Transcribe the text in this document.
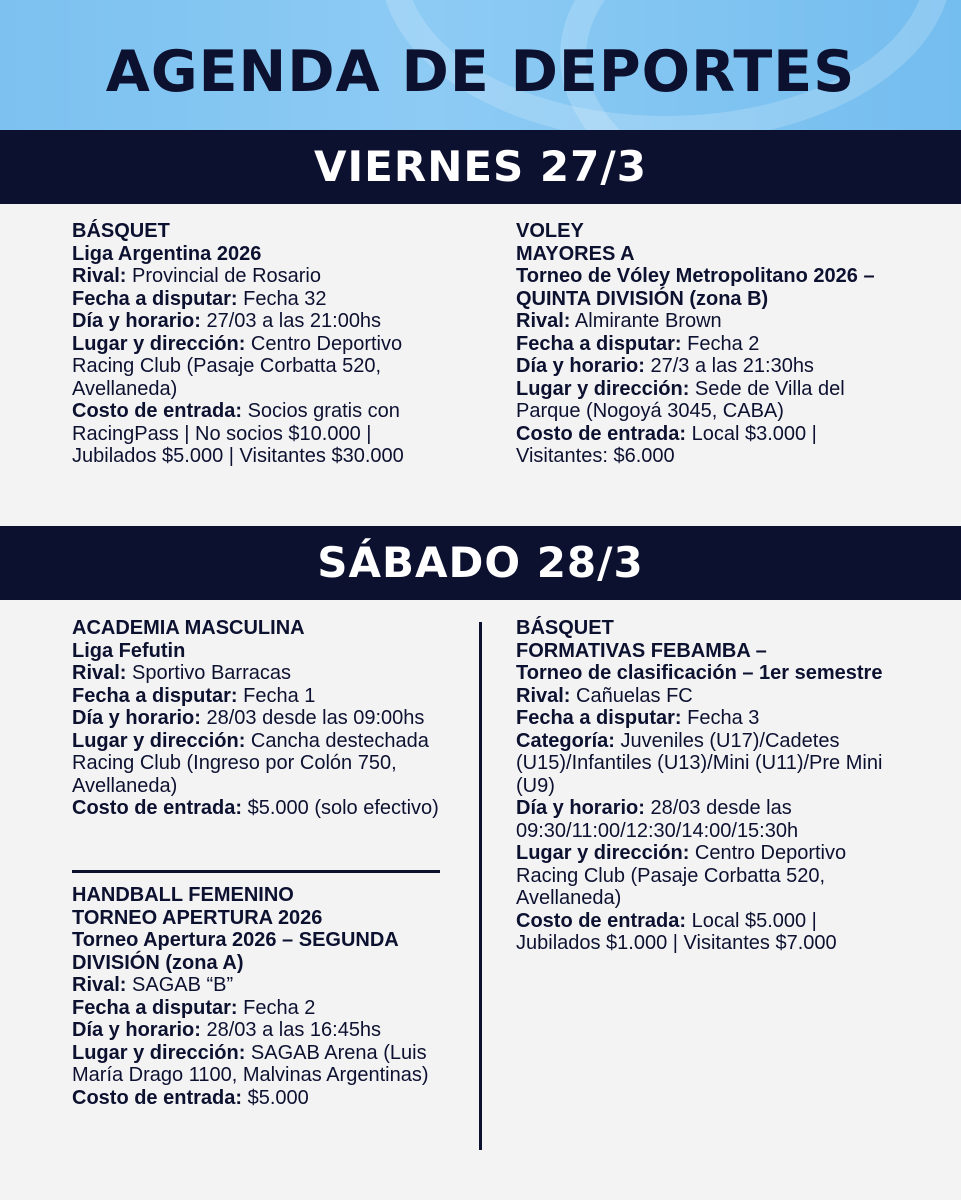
AGENDA DE DEPORTES
VIERNES 27/3

BÁSQUET

Liga Argentina 2026

Rival: Provincial de Rosario

Fecha a disputar: Fecha 32

Día y horario: 27/03 a las 21:00hs

Lugar y dirección: Centro Deportivo Racing Club (Pasaje Corbatta 520, Avellaneda)

Costo de entrada: Socios gratis con RacingPass | No socios $10.000 | Jubilados $5.000 | Visitantes $30.000

VOLEY

MAYORES A

Torneo de Vóley Metropolitano 2026 – QUINTA DIVISIÓN (zona B)

Rival: Almirante Brown

Fecha a disputar: Fecha 2

Día y horario: 27/3 a las 21:30hs

Lugar y dirección: Sede de Villa del Parque (Nogoyá 3045, CABA)

Costo de entrada: Local $3.000 | Visitantes: $6.000

SÁBADO 28/3

ACADEMIA MASCULINA

Liga Fefutin

Rival: Sportivo Barracas

Fecha a disputar: Fecha 1

Día y horario: 28/03 desde las 09:00hs

Lugar y dirección: Cancha destechada Racing Club (Ingreso por Colón 750, Avellaneda)

Costo de entrada: $5.000 (solo efectivo)

HANDBALL FEMENINO

TORNEO APERTURA 2026

Torneo Apertura 2026 – SEGUNDA DIVISIÓN (zona A)

Rival: SAGAB “B”

Fecha a disputar: Fecha 2

Día y horario: 28/03 a las 16:45hs

Lugar y dirección: SAGAB Arena (Luis María Drago 1100, Malvinas Argentinas)

Costo de entrada: $5.000

BÁSQUET

FORMATIVAS FEBAMBA –

Torneo de clasificación – 1er semestre

Rival: Cañuelas FC

Fecha a disputar: Fecha 3

Categoría: Juveniles (U17)/Cadetes (U15)/Infantiles (U13)/Mini (U11)/Pre Mini (U9)

Día y horario: 28/03 desde las 09:30/11:00/12:30/14:00/15:30h

Lugar y dirección: Centro Deportivo Racing Club (Pasaje Corbatta 520, Avellaneda)

Costo de entrada: Local $5.000 | Jubilados $1.000 | Visitantes $7.000
